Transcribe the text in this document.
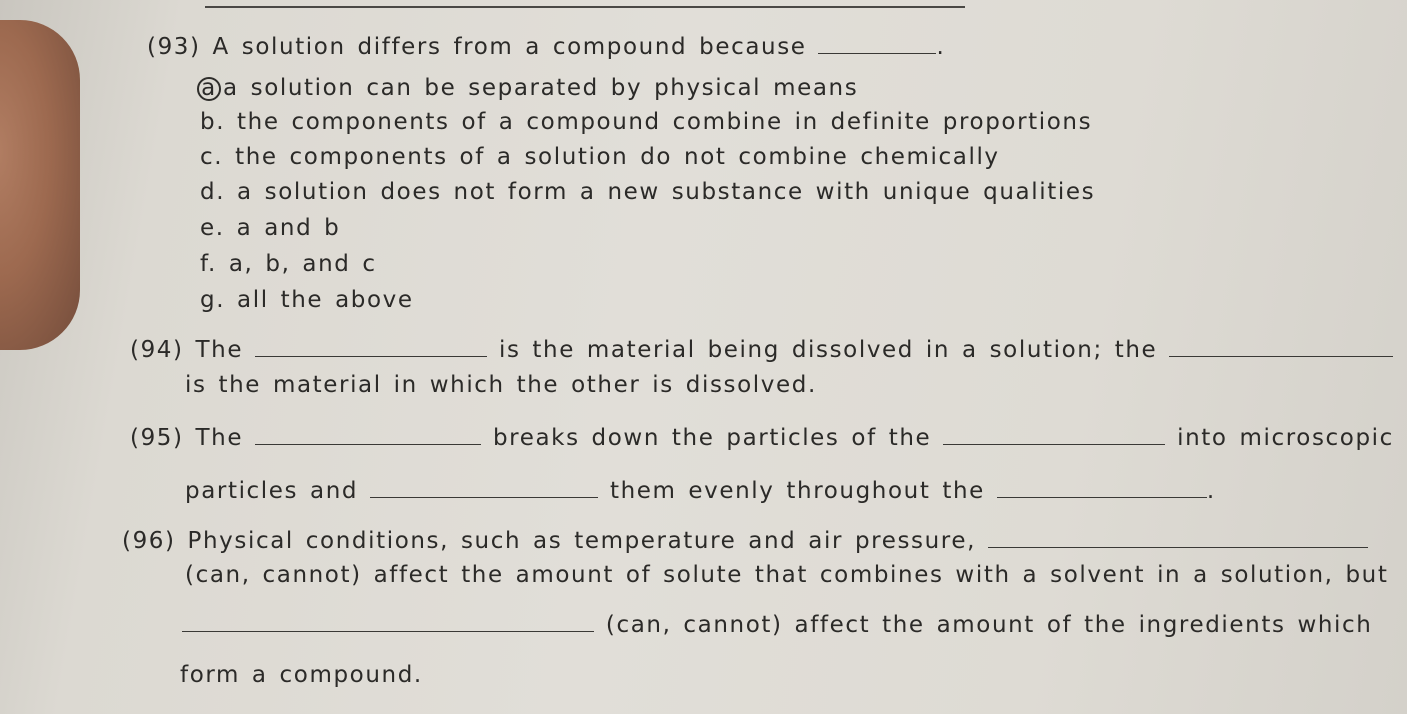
(93) A solution differs from a compound because	.
a a solution can be separated by physical means
b. the components of a compound combine in definite proportions
c. the components of a solution do not combine chemically
d. a solution does not form a new substance with unique qualities
e. a and b
f. a, b, and c
g. all the above
(94) The	is the material being dissolved in a solution; the
is the material in which the other is dissolved.
(95) The	breaks down the particles of the	into microscopic
particles and	them evenly throughout the	.
(96) Physical conditions, such as temperature and air pressure,
(can, cannot) affect the amount of solute that combines with a solvent in a solution, but
(can, cannot) affect the amount of the ingredients which
form a compound.
